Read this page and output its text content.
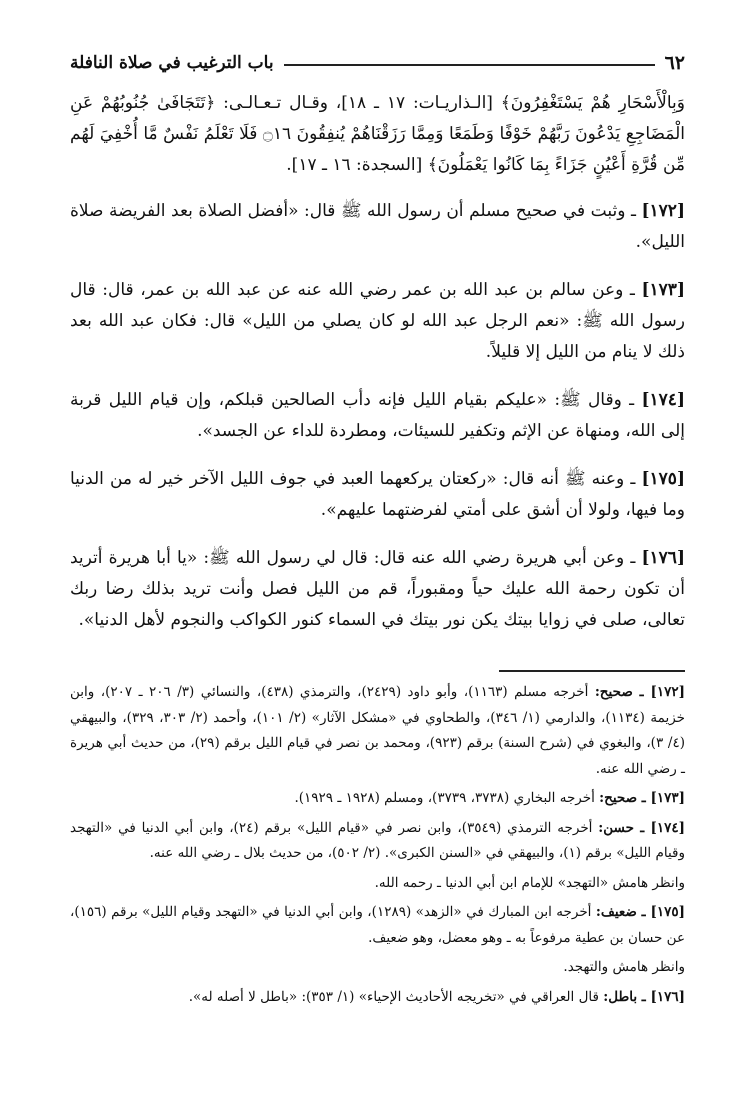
٦٢
باب الترغيب في صلاة النافلة

وَبِالْأَسْحَارِ هُمْ يَسْتَغْفِرُونَ﴾ [الـذاريـات: ١٧ ـ ١٨]، وقـال تـعـالـى: ﴿تَتَجَافَىٰ جُنُوبُهُمْ عَنِ الْمَضَاجِعِ يَدْعُونَ رَبَّهُمْ خَوْفًا وَطَمَعًا وَمِمَّا رَزَقْنَاهُمْ يُنفِقُونَ ۝١٦ فَلَا تَعْلَمُ نَفْسٌ مَّا أُخْفِيَ لَهُم مِّن قُرَّةِ أَعْيُنٍ جَزَاءً بِمَا كَانُوا يَعْمَلُونَ﴾ [السجدة: ١٦ ـ ١٧].

[١٧٢] ـ وثبت في صحيح مسلم أن رسول الله ﷺ قال: «أفضل الصلاة بعد الفريضة صلاة الليل».

[١٧٣] ـ وعن سالم بن عبد الله بن عمر رضي الله عنه عن عبد الله بن عمر، قال: قال رسول الله ﷺ: «نعم الرجل عبد الله لو كان يصلي من الليل» قال: فكان عبد الله بعد ذلك لا ينام من الليل إلا قليلاً.

[١٧٤] ـ وقال ﷺ: «عليكم بقيام الليل فإنه دأب الصالحين قبلكم، وإن قيام الليل قربة إلى الله، ومنهاة عن الإثم وتكفير للسيئات، ومطردة للداء عن الجسد».

[١٧٥] ـ وعنه ﷺ أنه قال: «ركعتان يركعهما العبد في جوف الليل الآخر خير له من الدنيا وما فيها، ولولا أن أشق على أمتي لفرضتهما عليهم».

[١٧٦] ـ وعن أبي هريرة رضي الله عنه قال: قال لي رسول الله ﷺ: «يا أبا هريرة أتريد أن تكون رحمة الله عليك حياً ومقبوراً، قم من الليل فصل وأنت تريد بذلك رضا ربك تعالى، صلى في زوايا بيتك يكن نور بيتك في السماء كنور الكواكب والنجوم لأهل الدنيا».

[١٧٢] ـ صحيح: أخرجه مسلم (١١٦٣)، وأبو داود (٢٤٢٩)، والترمذي (٤٣٨)، والنسائي (٣/ ٢٠٦ ـ ٢٠٧)، وابن خزيمة (١١٣٤)، والدارمي (١/ ٣٤٦)، والطحاوي في «مشكل الآثار» (٢/ ١٠١)، وأحمد (٢/ ٣٠٣، ٣٢٩)، والبيهقي (٤/ ٣)، والبغوي في (شرح السنة) برقم (٩٢٣)، ومحمد بن نصر في قيام الليل برقم (٢٩)، من حديث أبي هريرة ـ رضي الله عنه.

[١٧٣] ـ صحيح: أخرجه البخاري (٣٧٣٨، ٣٧٣٩)، ومسلم (١٩٢٨ ـ ١٩٢٩).

[١٧٤] ـ حسن: أخرجه الترمذي (٣٥٤٩)، وابن نصر في «قيام الليل» برقم (٢٤)، وابن أبي الدنيا في «التهجد وقيام الليل» برقم (١)، والبيهقي في «السنن الكبرى». (٢/ ٥٠٢)، من حديث بلال ـ رضي الله عنه.

وانظر هامش «التهجد» للإمام ابن أبي الدنيا ـ رحمه الله.

[١٧٥] ـ ضعيف: أخرجه ابن المبارك في «الزهد» (١٢٨٩)، وابن أبي الدنيا في «التهجد وقيام الليل» برقم (١٥٦)، عن حسان بن عطية مرفوعاً به ـ وهو معضل، وهو ضعيف.

وانظر هامش والتهجد.

[١٧٦] ـ باطل: قال العراقي في «تخريجه الأحاديث الإحياء» (١/ ٣٥٣): «باطل لا أصله له».
